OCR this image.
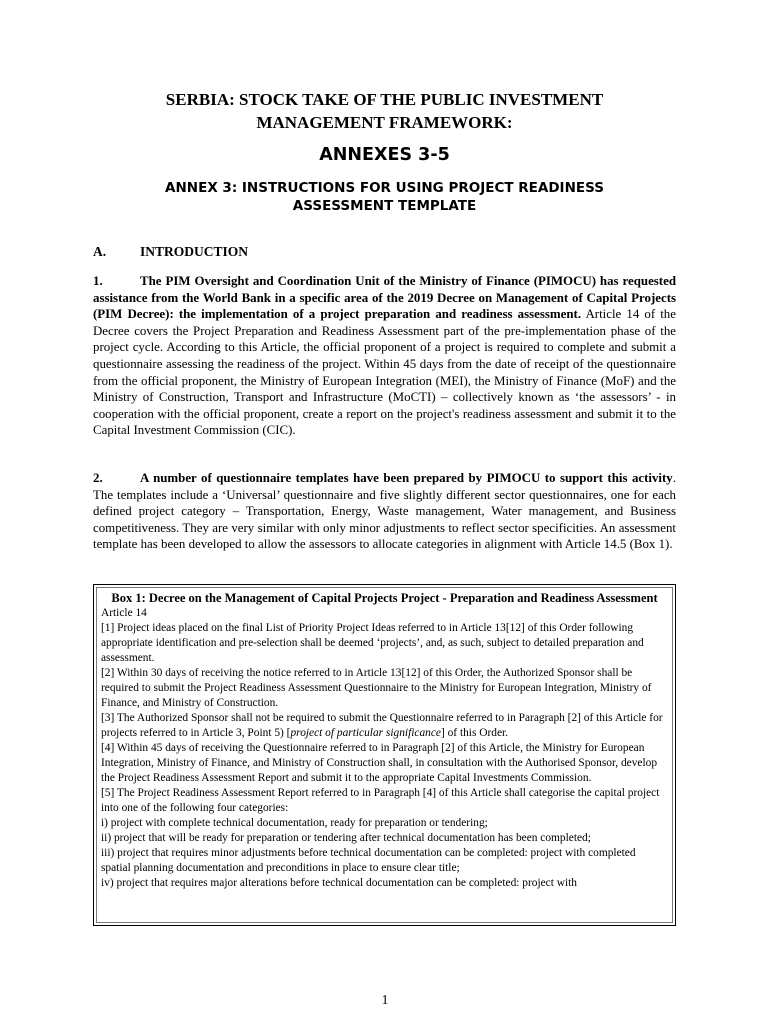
SERBIA: STOCK TAKE OF THE PUBLIC INVESTMENT
MANAGEMENT FRAMEWORK:
ANNEXES 3-5
ANNEX 3: INSTRUCTIONS FOR USING PROJECT READINESS
ASSESSMENT TEMPLATE
A.	INTRODUCTION

1.	The PIM Oversight and Coordination Unit of the Ministry of Finance (PIMOCU) has requested assistance from the World Bank in a specific area of the 2019 Decree on Management of Capital Projects (PIM Decree): the implementation of a project preparation and readiness assessment. Article 14 of the Decree covers the Project Preparation and Readiness Assessment part of the pre-implementation phase of the project cycle. According to this Article, the official proponent of a project is required to complete and submit a questionnaire assessing the readiness of the project. Within 45 days from the date of receipt of the questionnaire from the official proponent, the Ministry of European Integration (MEI), the Ministry of Finance (MoF) and the Ministry of Construction, Transport and Infrastructure (MoCTI) – collectively known as ‘the assessors’ - in cooperation with the official proponent, create a report on the project's readiness assessment and submit it to the Capital Investment Commission (CIC).

2.	A number of questionnaire templates have been prepared by PIMOCU to support this activity. The templates include a ‘Universal’ questionnaire and five slightly different sector questionnaires, one for each defined project category – Transportation, Energy, Waste management, Water management, and Business competitiveness. They are very similar with only minor adjustments to reflect sector specificities. An assessment template has been developed to allow the assessors to allocate categories in alignment with Article 14.5 (Box 1).

Box 1: Decree on the Management of Capital Projects Project - Preparation and Readiness Assessment

Article 14

[1] Project ideas placed on the final List of Priority Project Ideas referred to in Article 13[12] of this Order following appropriate identification and pre-selection shall be deemed ‘projects’, and, as such, subject to detailed preparation and assessment.

[2] Within 30 days of receiving the notice referred to in Article 13[12] of this Order, the Authorized Sponsor shall be required to submit the Project Readiness Assessment Questionnaire to the Ministry for European Integration, Ministry of Finance, and Ministry of Construction.

[3] The Authorized Sponsor shall not be required to submit the Questionnaire referred to in Paragraph [2] of this Article for projects referred to in Article 3, Point 5) [project of particular significance] of this Order.

[4] Within 45 days of receiving the Questionnaire referred to in Paragraph [2] of this Article, the Ministry for European Integration, Ministry of Finance, and Ministry of Construction shall, in consultation with the Authorised Sponsor, develop the Project Readiness Assessment Report and submit it to the appropriate Capital Investments Commission.

[5] The Project Readiness Assessment Report referred to in Paragraph [4] of this Article shall categorise the capital project into one of the following four categories:

i) project with complete technical documentation, ready for preparation or tendering;

ii) project that will be ready for preparation or tendering after technical documentation has been completed;

iii) project that requires minor adjustments before technical documentation can be completed: project with completed spatial planning documentation and preconditions in place to ensure clear title;

iv) project that requires major alterations before technical documentation can be completed: project with

1
